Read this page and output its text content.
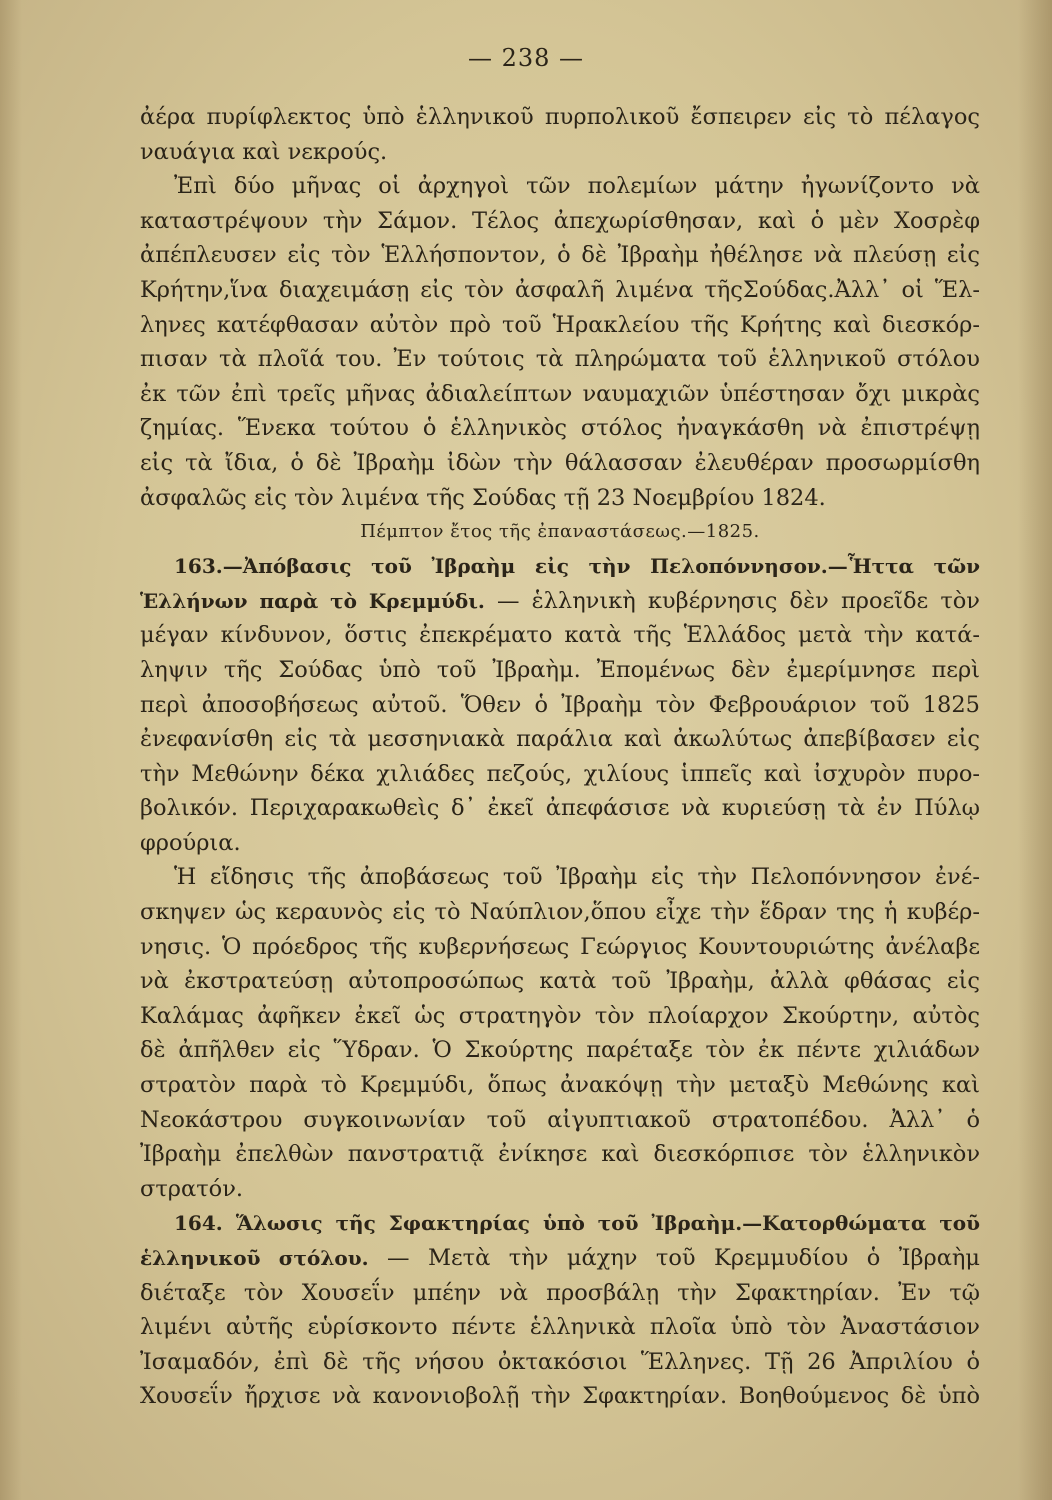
— 238 —
ἀέρα πυρίφλεκτος ὑπὸ ἑλληνικοῦ πυρπολικοῦ ἔσπειρεν εἰς τὸ πέλαγος
ναυάγια καὶ νεκρούς.
Ἐπὶ δύο μῆνας οἱ ἀρχηγοὶ τῶν πολεμίων μάτην ἠγωνίζοντο νὰ
καταστρέψουν τὴν Σάμον. Τέλος ἀπεχωρίσθησαν, καὶ ὁ μὲν Χοσρὲφ
ἀπέπλευσεν εἰς τὸν Ἑλλήσποντον, ὁ δὲ Ἰβραὴμ ἠθέλησε νὰ πλεύσῃ εἰς
Κρήτην,ἵνα διαχειμάσῃ εἰς τὸν ἀσφαλῆ λιμένα τῆςΣούδας.Ἀλλ᾽ οἱ Ἕλ-
ληνες κατέφθασαν αὐτὸν πρὸ τοῦ Ἡρακλείου τῆς Κρήτης καὶ διεσκόρ-
πισαν τὰ πλοῖά του. Ἐν τούτοις τὰ πληρώματα τοῦ ἑλληνικοῦ στόλου
ἐκ τῶν ἐπὶ τρεῖς μῆνας ἀδιαλείπτων ναυμαχιῶν ὑπέστησαν ὄχι μικρὰς
ζημίας. Ἕνεκα τούτου ὁ ἑλληνικὸς στόλος ἠναγκάσθη νὰ ἐπιστρέψῃ
εἰς τὰ ἴδια, ὁ δὲ Ἰβραὴμ ἰδὼν τὴν θάλασσαν ἐλευθέραν προσωρμίσθη
ἀσφαλῶς εἰς τὸν λιμένα τῆς Σούδας τῇ 23 Νοεμβρίου 1824.
Πέμπτον ἔτος τῆς ἐπαναστάσεως.—1825.
163.—Ἀπόβασις τοῦ Ἰβραὴμ εἰς τὴν Πελοπόννησον.—Ἧττα τῶν
Ἑλλήνων παρὰ τὸ Κρεμμύδι. — ἑλληνικὴ κυβέρνησις δὲν προεῖδε τὸν
μέγαν κίνδυνον, ὅστις ἐπεκρέματο κατὰ τῆς Ἑλλάδος μετὰ τὴν κατά-
ληψιν τῆς Σούδας ὑπὸ τοῦ Ἰβραὴμ. Ἐπομένως δὲν ἐμερίμνησε περὶ
περὶ ἀποσοβήσεως αὐτοῦ. Ὅθεν ὁ Ἰβραὴμ τὸν Φεβρουάριον τοῦ 1825
ἐνεφανίσθη εἰς τὰ μεσσηνιακὰ παράλια καὶ ἀκωλύτως ἀπεβίβασεν εἰς
τὴν Μεθώνην δέκα χιλιάδες πεζούς, χιλίους ἱππεῖς καὶ ἰσχυρὸν πυρο-
βολικόν. Περιχαρακωθεὶς δ᾽ ἐκεῖ ἀπεφάσισε νὰ κυριεύσῃ τὰ ἐν Πύλῳ
φρούρια.
Ἡ εἴδησις τῆς ἀποβάσεως τοῦ Ἰβραὴμ εἰς τὴν Πελοπόννησον ἐνέ-
σκηψεν ὡς κεραυνὸς εἰς τὸ Ναύπλιον,ὅπου εἶχε τὴν ἕδραν της ἡ κυβέρ-
νησις. Ὁ πρόεδρος τῆς κυβερνήσεως Γεώργιος Κουντουριώτης ἀνέλαβε
νὰ ἐκστρατεύσῃ αὐτοπροσώπως κατὰ τοῦ Ἰβραὴμ, ἀλλὰ φθάσας εἰς
Καλάμας ἀφῆκεν ἐκεῖ ὡς στρατηγὸν τὸν πλοίαρχον Σκούρτην, αὐτὸς
δὲ ἀπῆλθεν εἰς Ὕδραν. Ὁ Σκούρτης παρέταξε τὸν ἐκ πέντε χιλιάδων
στρατὸν παρὰ τὸ Κρεμμύδι, ὅπως ἀνακόψῃ τὴν μεταξὺ Μεθώνης καὶ
Νεοκάστρου συγκοινωνίαν τοῦ αἰγυπτιακοῦ στρατοπέδου. Ἀλλ᾽ ὁ
Ἰβραὴμ ἐπελθὼν πανστρατιᾷ ἐνίκησε καὶ διεσκόρπισε τὸν ἑλληνικὸν
στρατόν.
164. Ἅλωσις τῆς Σφακτηρίας ὑπὸ τοῦ Ἰβραὴμ.—Κατορθώματα τοῦ
ἑλληνικοῦ στόλου. — Μετὰ τὴν μάχην τοῦ Κρεμμυδίου ὁ Ἰβραὴμ
διέταξε τὸν Χουσεΐν μπέην νὰ προσβάλῃ τὴν Σφακτηρίαν. Ἐν τῷ
λιμένι αὐτῆς εὑρίσκοντο πέντε ἑλληνικὰ πλοῖα ὑπὸ τὸν Ἀναστάσιον
Ἰσαμαδόν, ἐπὶ δὲ τῆς νήσου ὀκτακόσιοι Ἕλληνες. Τῇ 26 Ἀπριλίου ὁ
Χουσεΐν ἤρχισε νὰ κανονιοβολῇ τὴν Σφακτηρίαν. Βοηθούμενος δὲ ὑπὸ
